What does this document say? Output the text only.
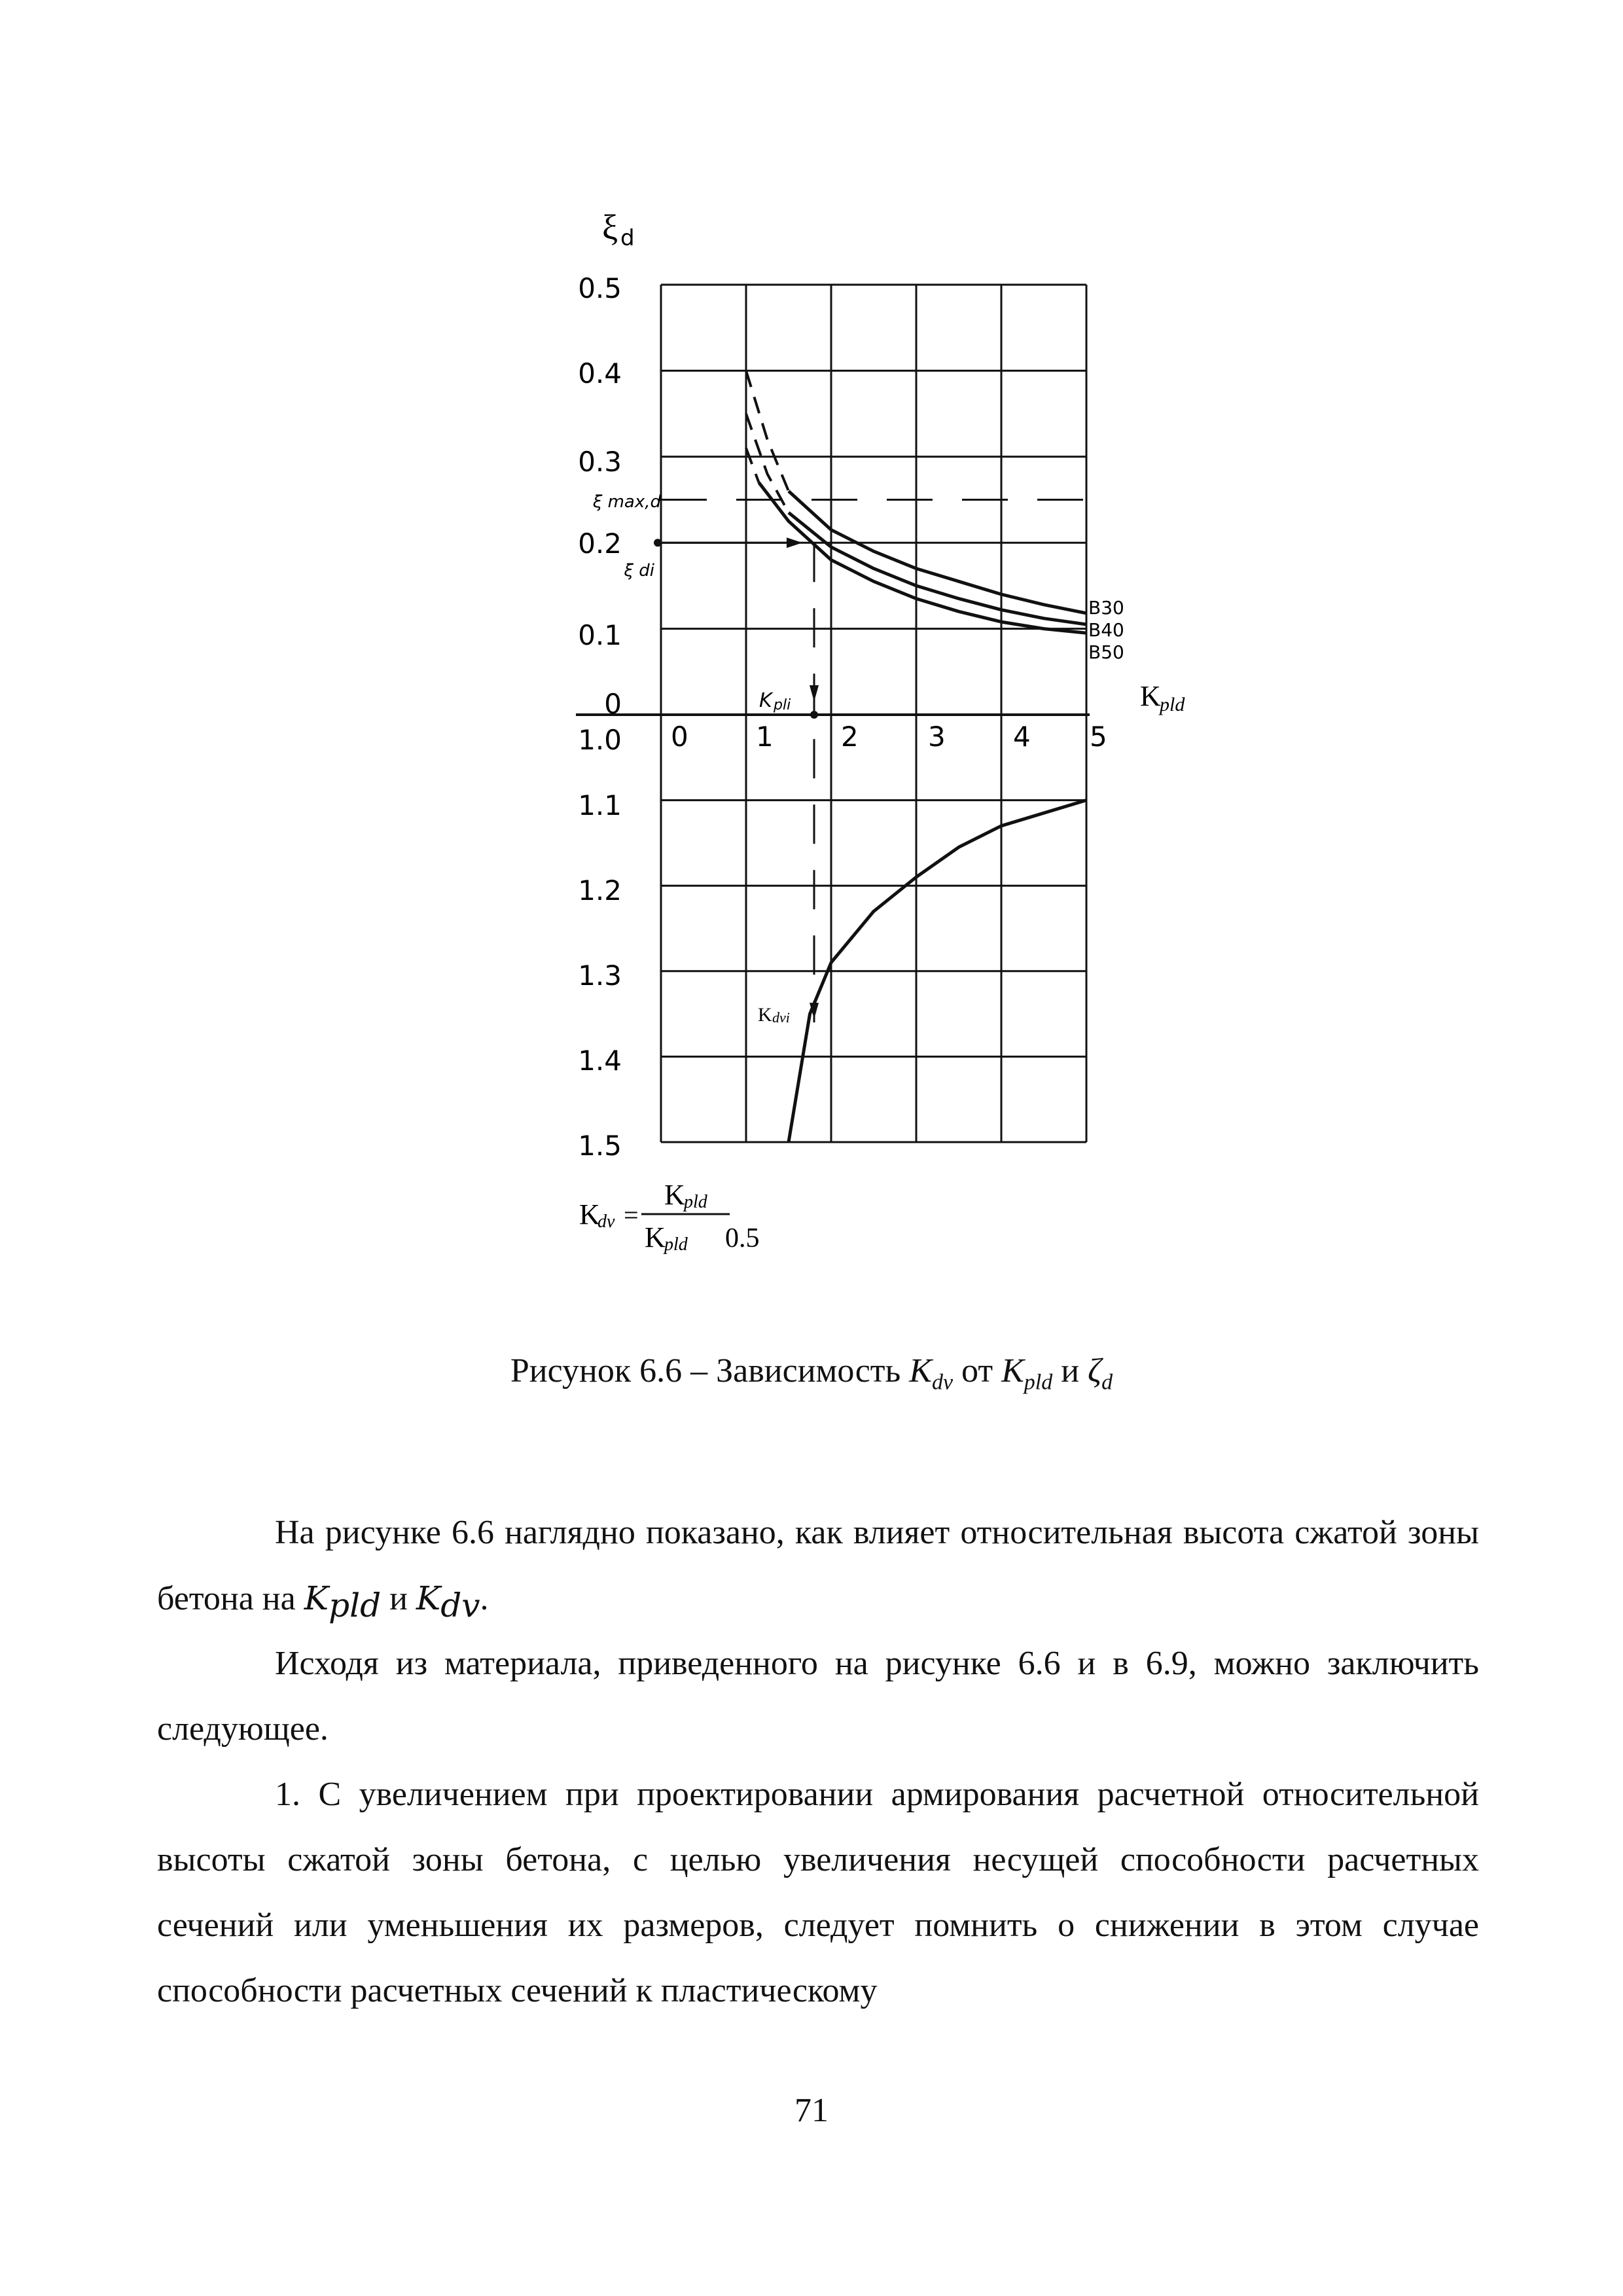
ξ d
0.5
0.4
0.3
0.2
0.1
0
ξ max,d
ξ di
1.0
1.1
1.2
1.3
1.4
1.5
0 1 2	3 4 5
B30
B40
B50
K
pld
K pli
K dvi
K
dv =
K
pld
K
pld 0.5
Рисунок 6.6 – Зависимость $K_{dv}$ от $K_{pld}$ и $\zeta_d$

На рисунке 6.6 наглядно показано, как влияет относительная высота сжатой зоны бетона на $K_{pld}$ и $K_{dv}$.

Исходя из материала, приведенного на рисунке 6.6 и в 6.9, можно заключить следующее.

1. С увеличением при проектировании армирования расчетной относительной высоты сжатой зоны бетона, с целью увеличения несущей способности расчетных сечений или уменьшения их размеров, следует помнить о снижении в этом случае способности расчетных сечений к пластическому

71
